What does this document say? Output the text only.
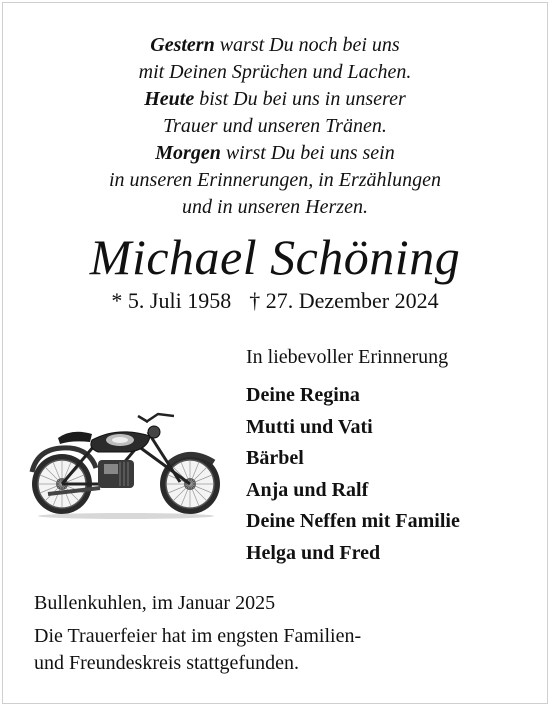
Gestern warst Du noch bei uns
mit Deinen Sprüchen und Lachen.
Heute bist Du bei uns in unserer
Trauer und unseren Tränen.
Morgen wirst Du bei uns sein
in unseren Erinnerungen, in Erzählungen
und in unseren Herzen.
Michael Schöning
* 5. Juli 1958 † 27. Dezember 2024
In liebevoller Erinnerung
Deine Regina
Mutti und Vati
Bärbel
Anja und Ralf
Deine Neffen mit Familie
Helga und Fred
Bullenkuhlen, im Januar 2025
Die Trauerfeier hat im engsten Familien-
und Freundeskreis stattgefunden.
